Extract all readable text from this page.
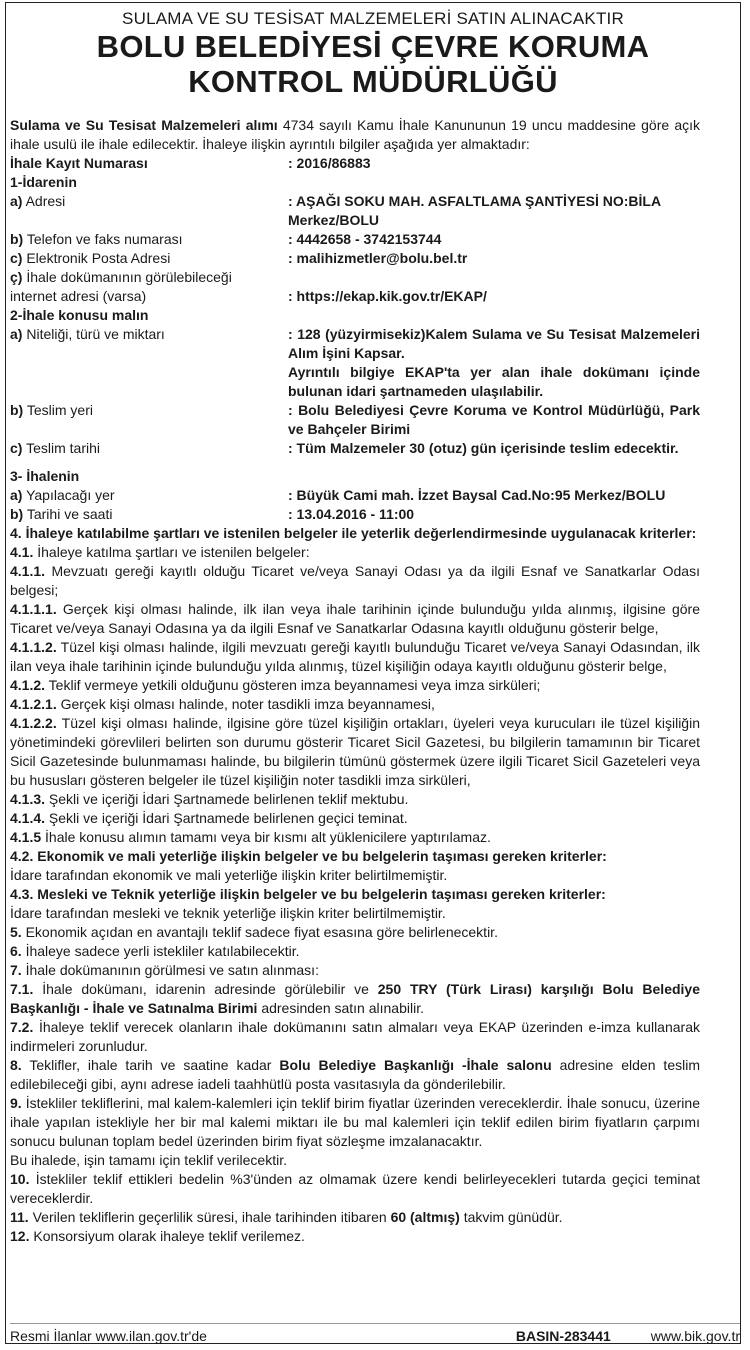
SULAMA VE SU TESİSAT MALZEMELERİ SATIN ALINACAKTIR
BOLU BELEDİYESİ ÇEVRE KORUMA
KONTROL MÜDÜRLÜĞÜ
Sulama ve Su Tesisat Malzemeleri alımı 4734 sayılı Kamu İhale Kanununun 19 uncu maddesine göre açık ihale usulü ile ihale edilecektir. İhaleye ilişkin ayrıntılı bilgiler aşağıda yer almaktadır:
İhale Kayıt Numarası	: 2016/86883
1-İdarenin
a) Adresi	: AŞAĞI SOKU MAH. ASFALTLAMA ŞANTİYESİ NO:BİLA Merkez/BOLU
b) Telefon ve faks numarası	: 4442658 - 3742153744
c) Elektronik Posta Adresi	: malihizmetler@bolu.bel.tr
ç) İhale dokümanının görülebileceği
internet adresi (varsa)	: https://ekap.kik.gov.tr/EKAP/
2-İhale konusu malın
a) Niteliği, türü ve miktarı	: 128 (yüzyirmisekiz)Kalem Sulama ve Su Tesisat Malzemeleri Alım İşini Kapsar.
Ayrıntılı bilgiye EKAP'ta yer alan ihale dokümanı içinde bulunan idari şartnameden ulaşılabilir.
b) Teslim yeri	: Bolu Belediyesi Çevre Koruma ve Kontrol Müdürlüğü, Park ve Bahçeler Birimi
c) Teslim tarihi	: Tüm Malzemeler 30 (otuz) gün içerisinde teslim edecektir.
3- İhalenin
a) Yapılacağı yer	: Büyük Cami mah. İzzet Baysal Cad.No:95 Merkez/BOLU
b) Tarihi ve saati	: 13.04.2016 - 11:00
4. İhaleye katılabilme şartları ve istenilen belgeler ile yeterlik değerlendirmesinde uygulanacak kriterler:
4.1. İhaleye katılma şartları ve istenilen belgeler:
4.1.1. Mevzuatı gereği kayıtlı olduğu Ticaret ve/veya Sanayi Odası ya da ilgili Esnaf ve Sanatkarlar Odası belgesi;
4.1.1.1. Gerçek kişi olması halinde, ilk ilan veya ihale tarihinin içinde bulunduğu yılda alınmış, ilgisine göre Ticaret ve/veya Sanayi Odasına ya da ilgili Esnaf ve Sanatkarlar Odasına kayıtlı olduğunu gösterir belge,
4.1.1.2. Tüzel kişi olması halinde, ilgili mevzuatı gereği kayıtlı bulunduğu Ticaret ve/veya Sanayi Odasından, ilk ilan veya ihale tarihinin içinde bulunduğu yılda alınmış, tüzel kişiliğin odaya kayıtlı olduğunu gösterir belge,
4.1.2. Teklif vermeye yetkili olduğunu gösteren imza beyannamesi veya imza sirküleri;
4.1.2.1. Gerçek kişi olması halinde, noter tasdikli imza beyannamesi,
4.1.2.2. Tüzel kişi olması halinde, ilgisine göre tüzel kişiliğin ortakları, üyeleri veya kurucuları ile tüzel kişiliğin yönetimindeki görevlileri belirten son durumu gösterir Ticaret Sicil Gazetesi, bu bilgilerin tamamının bir Ticaret Sicil Gazetesinde bulunmaması halinde, bu bilgilerin tümünü göstermek üzere ilgili Ticaret Sicil Gazeteleri veya bu hususları gösteren belgeler ile tüzel kişiliğin noter tasdikli imza sirküleri,
4.1.3. Şekli ve içeriği İdari Şartnamede belirlenen teklif mektubu.
4.1.4. Şekli ve içeriği İdari Şartnamede belirlenen geçici teminat.
4.1.5 İhale konusu alımın tamamı veya bir kısmı alt yüklenicilere yaptırılamaz.
4.2. Ekonomik ve mali yeterliğe ilişkin belgeler ve bu belgelerin taşıması gereken kriterler:
İdare tarafından ekonomik ve mali yeterliğe ilişkin kriter belirtilmemiştir.
4.3. Mesleki ve Teknik yeterliğe ilişkin belgeler ve bu belgelerin taşıması gereken kriterler:
İdare tarafından mesleki ve teknik yeterliğe ilişkin kriter belirtilmemiştir.
5. Ekonomik açıdan en avantajlı teklif sadece fiyat esasına göre belirlenecektir.
6. İhaleye sadece yerli istekliler katılabilecektir.
7. İhale dokümanının görülmesi ve satın alınması:
7.1. İhale dokümanı, idarenin adresinde görülebilir ve 250 TRY (Türk Lirası) karşılığı Bolu Belediye Başkanlığı - İhale ve Satınalma Birimi adresinden satın alınabilir.
7.2. İhaleye teklif verecek olanların ihale dokümanını satın almaları veya EKAP üzerinden e-imza kullanarak indirmeleri zorunludur.
8. Teklifler, ihale tarih ve saatine kadar Bolu Belediye Başkanlığı -İhale salonu adresine elden teslim edilebileceği gibi, aynı adrese iadeli taahhütlü posta vasıtasıyla da gönderilebilir.
9. İstekliler tekliflerini, mal kalem-kalemleri için teklif birim fiyatlar üzerinden vereceklerdir. İhale sonucu, üzerine ihale yapılan istekliyle her bir mal kalemi miktarı ile bu mal kalemleri için teklif edilen birim fiyatların çarpımı sonucu bulunan toplam bedel üzerinden birim fiyat sözleşme imzalanacaktır.
Bu ihalede, işin tamamı için teklif verilecektir.
10. İstekliler teklif ettikleri bedelin %3'ünden az olmamak üzere kendi belirleyecekleri tutarda geçici teminat vereceklerdir.
11. Verilen tekliflerin geçerlilik süresi, ihale tarihinden itibaren 60 (altmış) takvim günüdür.
12. Konsorsiyum olarak ihaleye teklif verilemez.
Resmi İlanlar www.ilan.gov.tr'de	BASIN-283441	www.bik.gov.tr
